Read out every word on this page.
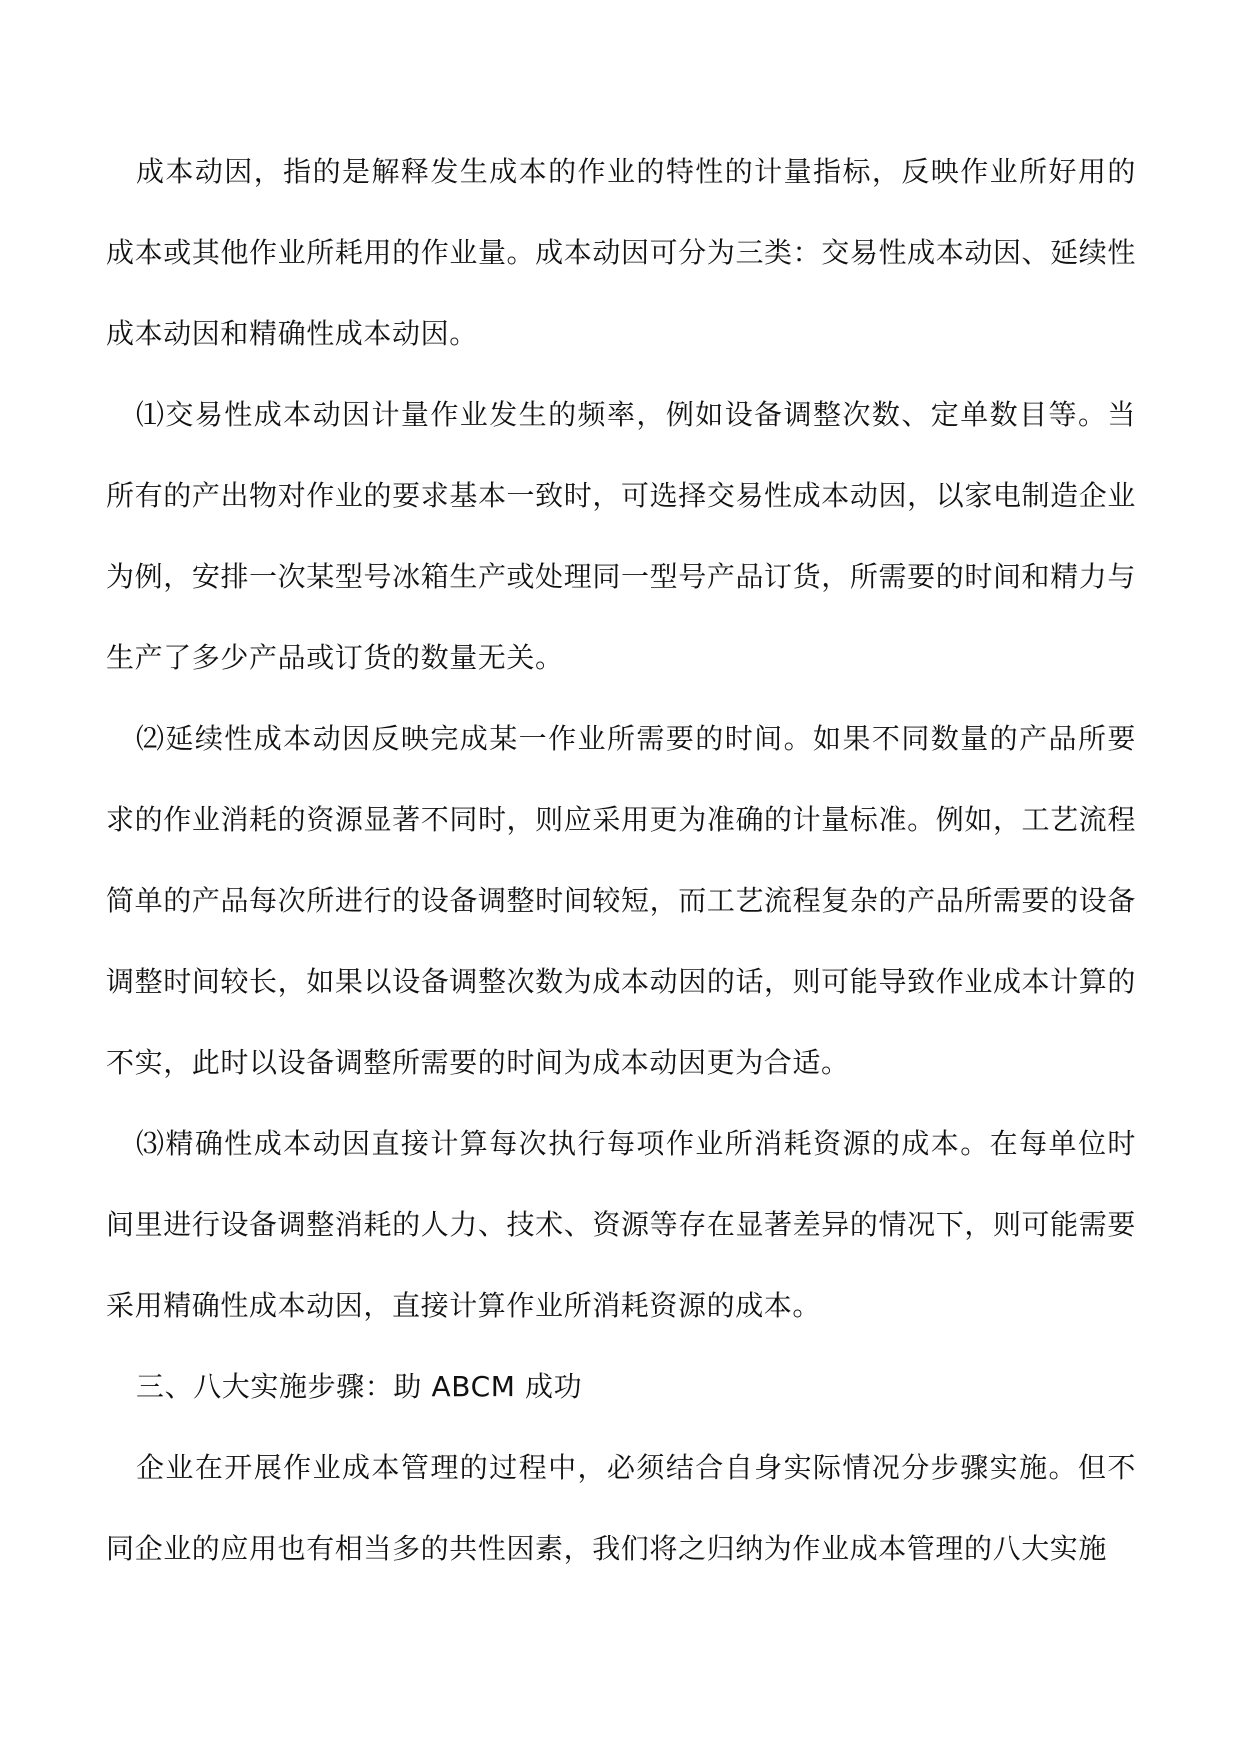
成本动因，指的是解释发生成本的作业的特性的计量指标，反映作业所好用的成本或其他作业所耗用的作业量。成本动因可分为三类：交易性成本动因、延续性成本动因和精确性成本动因。

⑴交易性成本动因计量作业发生的频率，例如设备调整次数、定单数目等。当所有的产出物对作业的要求基本一致时，可选择交易性成本动因，以家电制造企业为例，安排一次某型号冰箱生产或处理同一型号产品订货，所需要的时间和精力与生产了多少产品或订货的数量无关。

⑵延续性成本动因反映完成某一作业所需要的时间。如果不同数量的产品所要求的作业消耗的资源显著不同时，则应采用更为准确的计量标准。例如，工艺流程简单的产品每次所进行的设备调整时间较短，而工艺流程复杂的产品所需要的设备调整时间较长，如果以设备调整次数为成本动因的话，则可能导致作业成本计算的不实，此时以设备调整所需要的时间为成本动因更为合适。

⑶精确性成本动因直接计算每次执行每项作业所消耗资源的成本。在每单位时间里进行设备调整消耗的人力、技术、资源等存在显著差异的情况下，则可能需要采用精确性成本动因，直接计算作业所消耗资源的成本。

三、八大实施步骤：助 ABCM 成功

企业在开展作业成本管理的过程中，必须结合自身实际情况分步骤实施。但不同企业的应用也有相当多的共性因素，我们将之归纳为作业成本管理的八大实施
